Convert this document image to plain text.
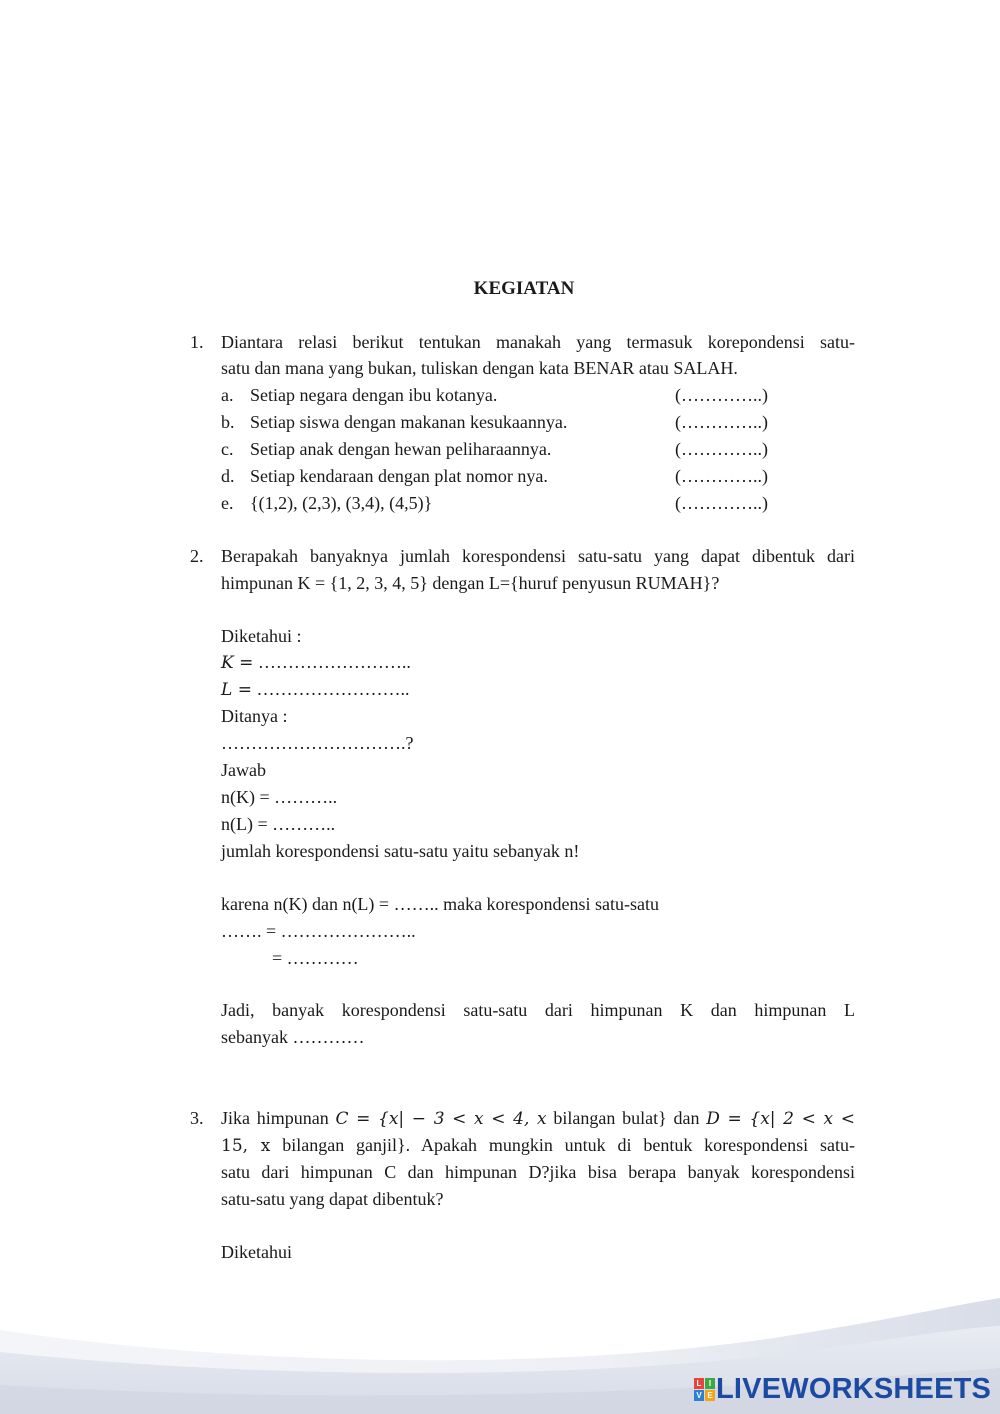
KEGIATAN
1. Diantara relasi berikut tentukan manakah yang termasuk korepondensi satu-
satu dan mana yang bukan, tuliskan dengan kata BENAR atau SALAH.
a. Setiap negara dengan ibu kotanya.	(…………..)
b. Setiap siswa dengan makanan kesukaannya.	(…………..)
c. Setiap anak dengan hewan peliharaannya.	(…………..)
d. Setiap kendaraan dengan plat nomor nya.	(…………..)
e. {(1,2), (2,3), (3,4), (4,5)}	(…………..)
2. Berapakah banyaknya jumlah korespondensi satu-satu yang dapat dibentuk dari
himpunan K = {1, 2, 3, 4, 5} dengan L={huruf penyusun RUMAH}?
Diketahui :
K = ……………………..
L = ……………………..
Ditanya :
………………………….?
Jawab
n(K) = ………..
n(L) = ………..
jumlah korespondensi satu-satu yaitu sebanyak n!
karena n(K) dan n(L) = …….. maka korespondensi satu-satu
……. = …………………..
= …………
Jadi, banyak korespondensi satu-satu dari himpunan K dan himpunan L
sebanyak …………
3. Jika himpunan C = {x| − 3 < x < 4, x bilangan bulat} dan D = {x| 2 < x <
15, x bilangan ganjil}. Apakah mungkin untuk di bentuk korespondensi satu-
satu dari himpunan C dan himpunan D?jika bisa berapa banyak korespondensi
satu-satu yang dapat dibentuk?
Diketahui
L I
V E LIVEWORKSHEETS
